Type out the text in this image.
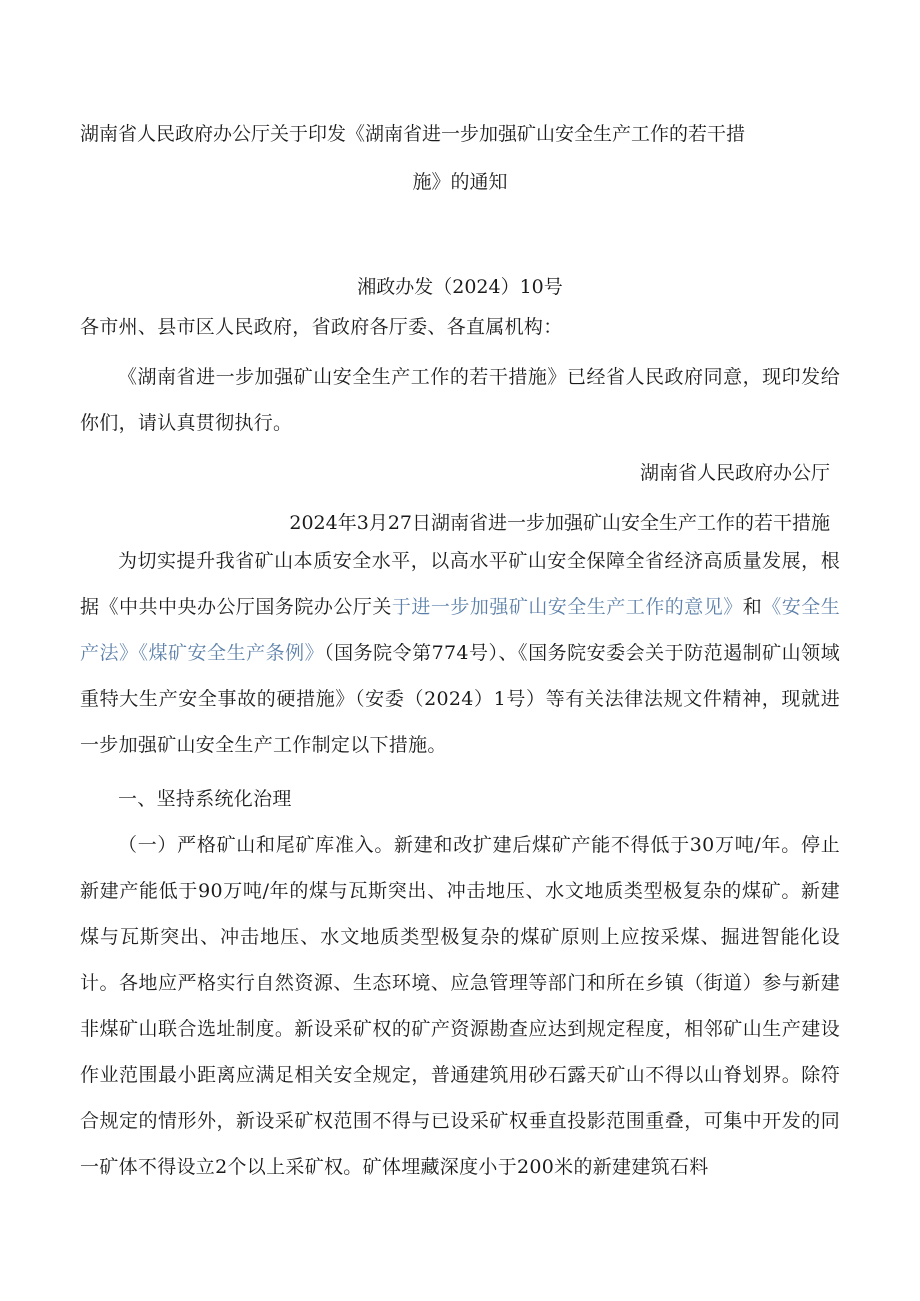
湖南省人民政府办公厅关于印发《湖南省进一步加强矿山安全生产工作的若干措
施》的通知
湘政办发（2024）10号
各市州、县市区人民政府，省政府各厅委、各直属机构：
《湖南省进一步加强矿山安全生产工作的若干措施》已经省人民政府同意，现印发给你们，请认真贯彻执行。
湖南省人民政府办公厅
2024年3月27日湖南省进一步加强矿山安全生产工作的若干措施
为切实提升我省矿山本质安全水平，以高水平矿山安全保障全省经济高质量发展，根据《中共中央办公厅国务院办公厅关于进一步加强矿山安全生产工作的意见》和《安全生产法》《煤矿安全生产条例》（国务院令第774号）、《国务院安委会关于防范遏制矿山领域重特大生产安全事故的硬措施》（安委（2024）1号）等有关法律法规文件精神，现就进一步加强矿山安全生产工作制定以下措施。
一、坚持系统化治理
（一）严格矿山和尾矿库准入。新建和改扩建后煤矿产能不得低于30万吨/年。停止新建产能低于90万吨/年的煤与瓦斯突出、冲击地压、水文地质类型极复杂的煤矿。新建煤与瓦斯突出、冲击地压、水文地质类型极复杂的煤矿原则上应按采煤、掘进智能化设计。各地应严格实行自然资源、生态环境、应急管理等部门和所在乡镇（街道）参与新建非煤矿山联合选址制度。新设采矿权的矿产资源勘查应达到规定程度，相邻矿山生产建设作业范围最小距离应满足相关安全规定，普通建筑用砂石露天矿山不得以山脊划界。除符合规定的情形外，新设采矿权范围不得与已设采矿权垂直投影范围重叠，可集中开发的同一矿体不得设立2个以上采矿权。矿体埋藏深度小于200米的新建建筑石料
